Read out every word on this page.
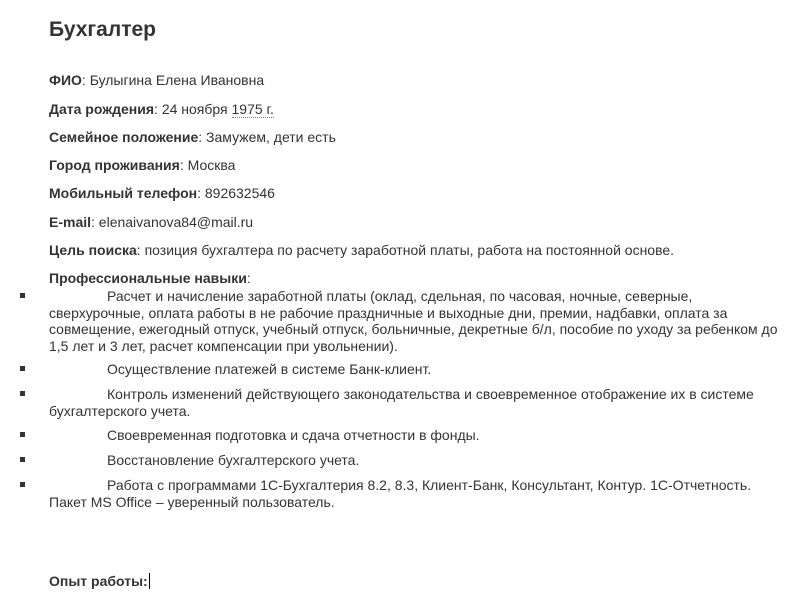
Бухгалтер
ФИО: Булыгина Елена Ивановна
Дата рождения: 24 ноября 1975 г.
Семейное положение: Замужем, дети есть
Город проживания: Москва
Мобильный телефон: 892632546
E-mail: elenaivanova84@mail.ru
Цель поиска: позиция бухгалтера по расчету заработной платы, работа на постоянной основе.
Профессиональные навыки:
Расчет и начисление заработной платы (оклад, сдельная, по часовая, ночные, северные, сверхурочные, оплата работы в не рабочие праздничные и выходные дни, премии, надбавки, оплата за совмещение, ежегодный отпуск, учебный отпуск, больничные, декретные б/л, пособие по уходу за ребенком до 1,5 лет и 3 лет, расчет компенсации при увольнении).
Осуществление платежей в системе Банк-клиент.
Контроль изменений действующего законодательства и своевременное отображение их в системе бухгалтерского учета.
Своевременная подготовка и сдача отчетности в фонды.
Восстановление бухгалтерского учета.
Работа с программами 1С-Бухгалтерия 8.2, 8.3, Клиент-Банк, Консультант, Контур. 1С-Отчетность. Пакет MS Office – уверенный пользователь.
Опыт работы:
